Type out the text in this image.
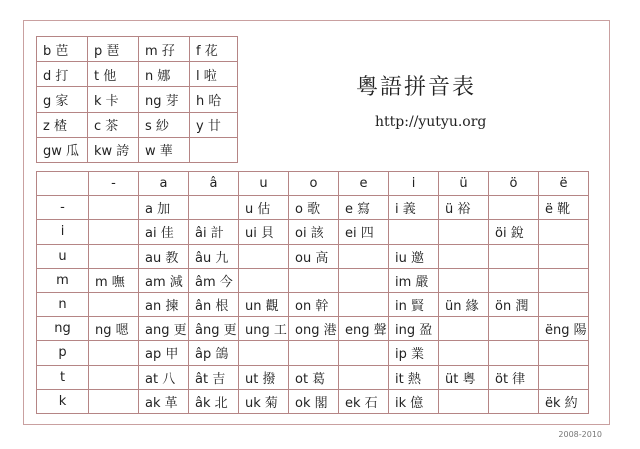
b 芭	p 琶	m 孖	f 花
d 打	t 他	n 娜	l 啦
g 家	k 卡	ng 芽	h 哈
z 楂	c 茶	s 紗	y 廿
gw 瓜	kw 誇	w 華	
粵語拼音表
http://yutyu.org
	-	a	â	u	o	e	i	ü	ö	ë
-		a 加		u 估	o 歌	e 寫	i 義	ü 裕		ë 靴
i		ai 佳	âi 計	ui 貝	oi 該	ei 四			öi 銳	
u		au 教	âu 九		ou 高		iu 邀			
m	m 嘸	am 減	âm 今				im 嚴			
n		an 揀	ân 根	un 觀	on 幹		in 賢	ün 緣	ön 潤	
ng	ng 嗯	ang 更	âng 更	ung 工	ong 港	eng 聲	ing 盈			ëng 陽
p		ap 甲	âp 鴿				ip 業			
t		at 八	ât 吉	ut 撥	ot 葛		it 熱	üt 粵	öt 律	
k		ak 革	âk 北	uk 菊	ok 閣	ek 石	ik 億			ëk 約
2008-2010
